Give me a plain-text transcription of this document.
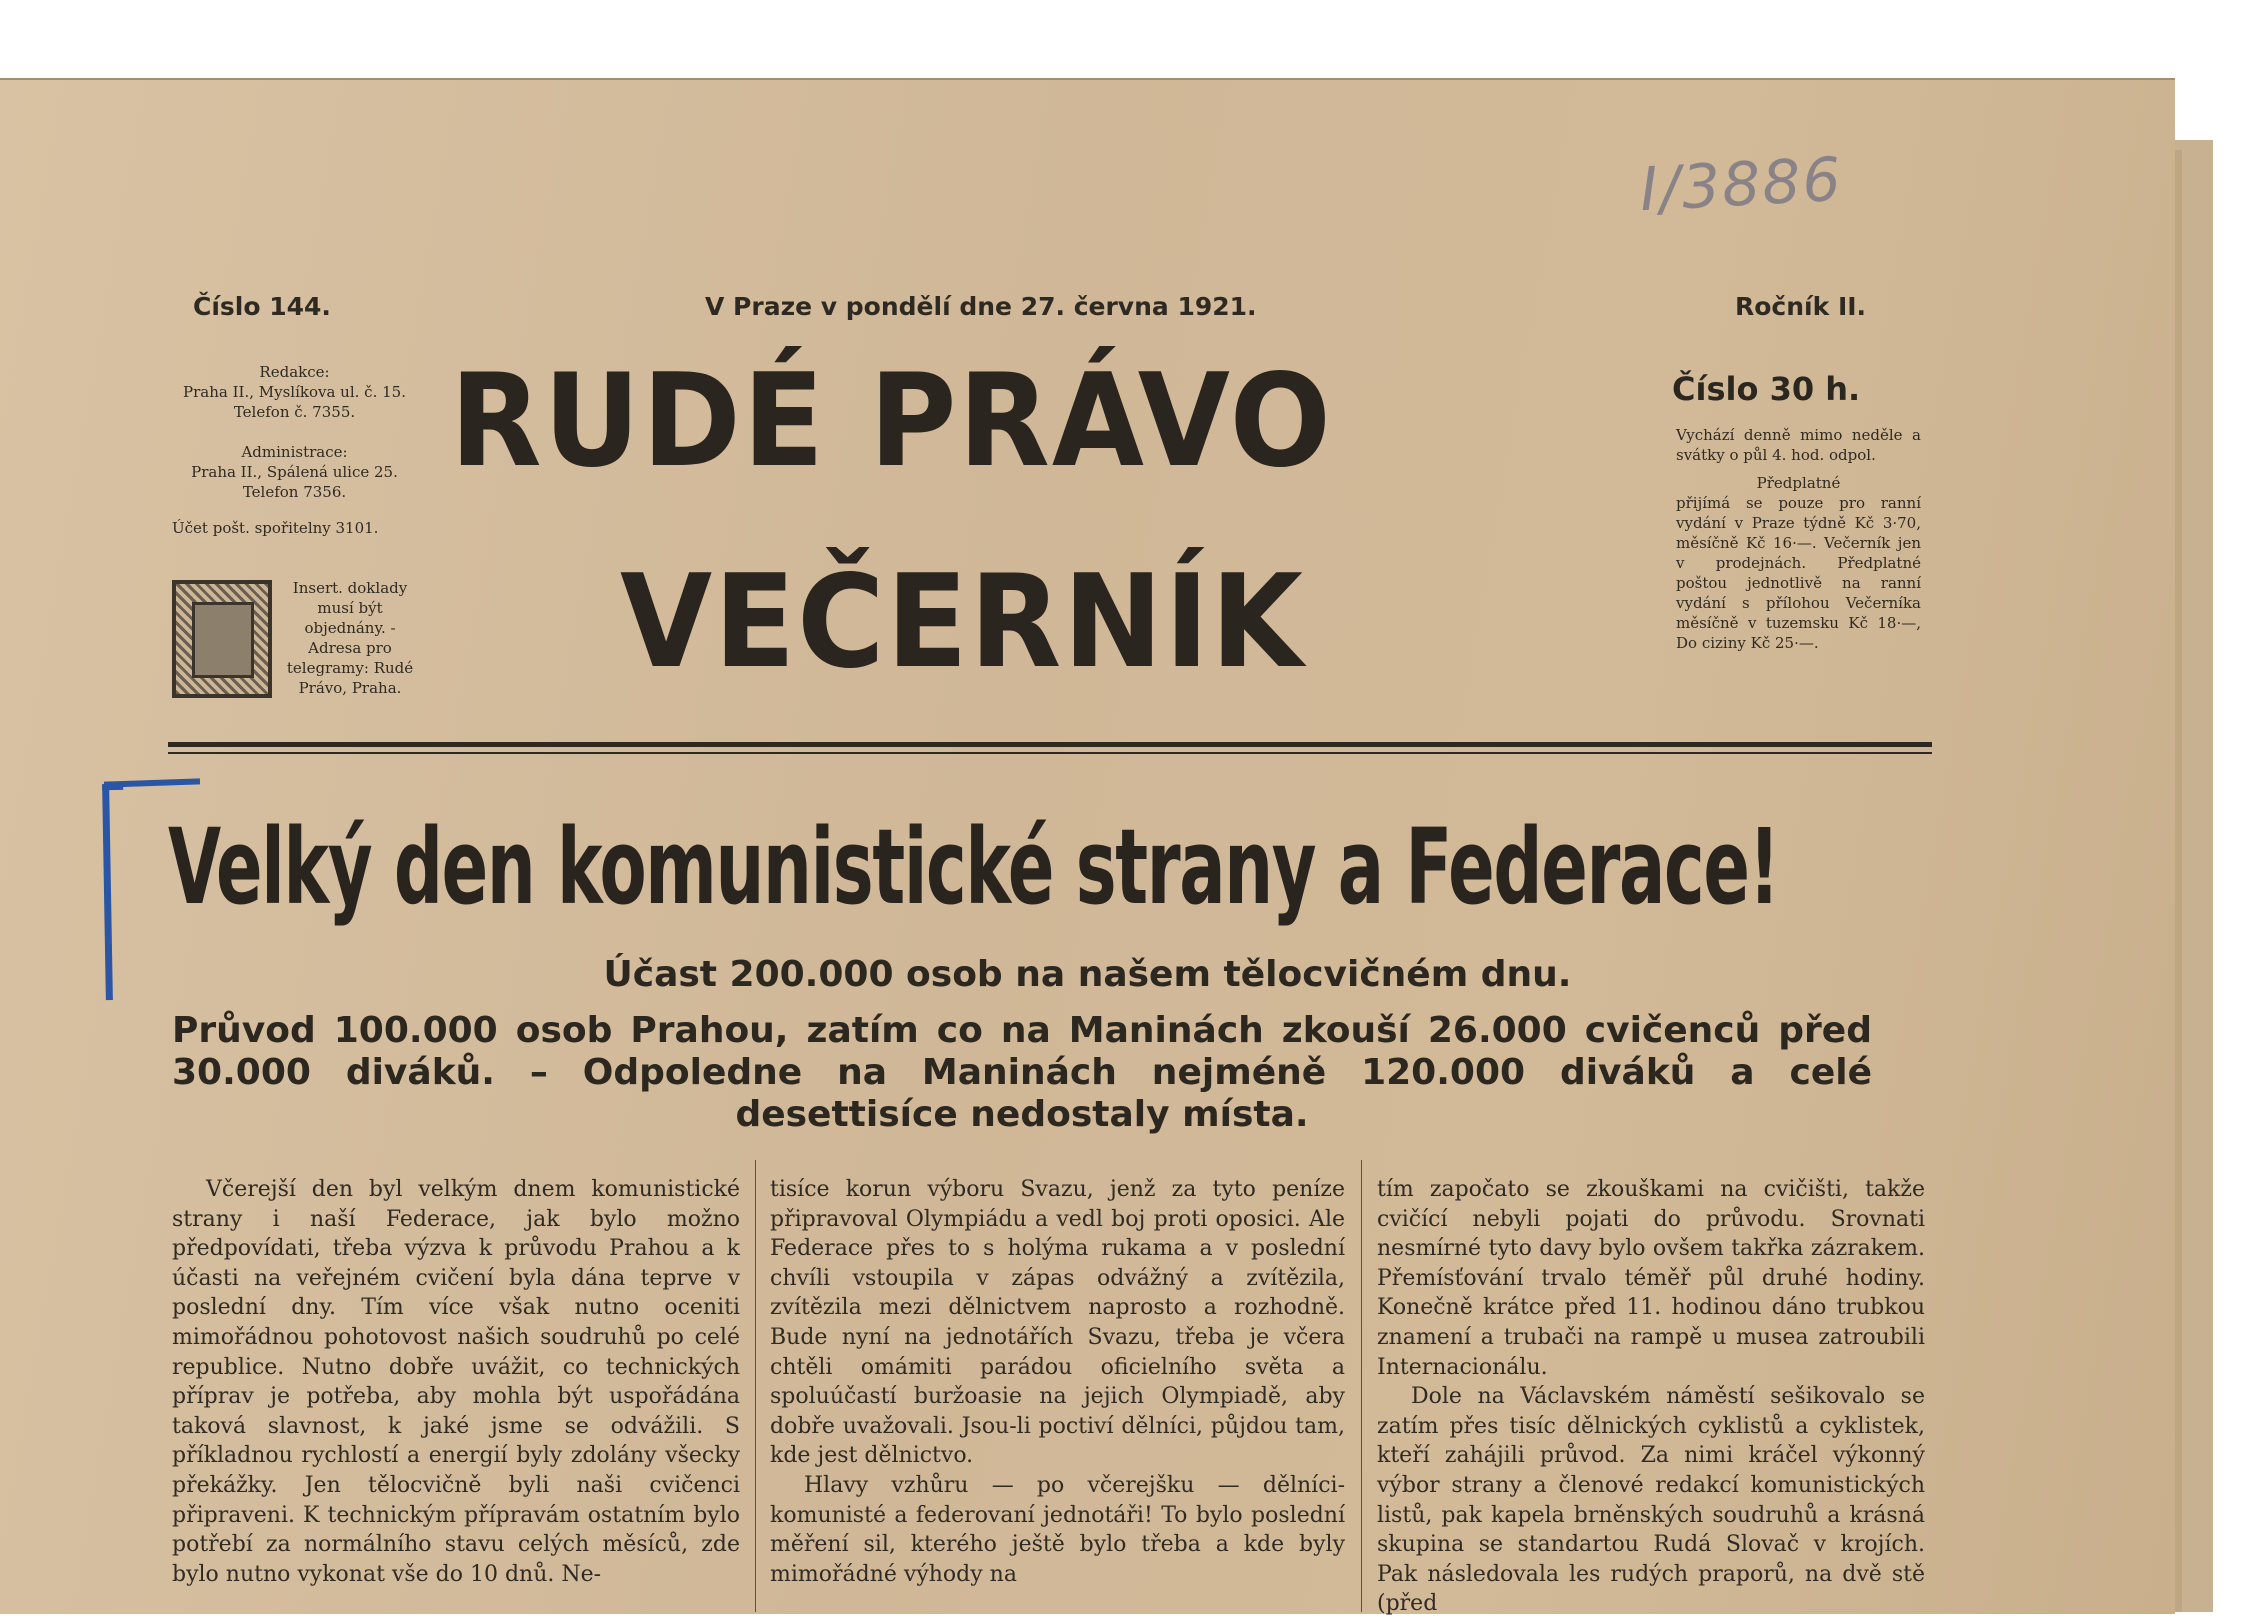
I/3886
Číslo 144.	V Praze v pondělí dne 27. června 1921.	Ročník II.
Redakce:
Praha II., Myslíkova ul. č. 15.
Telefon č. 7355.
Administrace:
Praha II., Spálená ulice 25.
Telefon 7356.
Účet pošt. spořitelny 3101.
Insert. doklady musí být objednány. - Adresa pro telegramy: Rudé Právo, Praha.
RUDÉ PRÁVO
VEČERNÍK
Číslo 30 h.
Vychází denně mimo neděle a svátky o půl 4. hod. odpol.
Předplatné
přijímá se pouze pro ranní vydání v Praze týdně Kč 3·70, měsíčně Kč 16·—. Večerník jen v prodejnách. Předplatné poštou jednotlivě na ranní vydání s přílohou Večerníka měsíčně v tuzemsku Kč 18·—, Do ciziny Kč 25·—.
Velký den komunistické strany a Federace!
Účast 200.000 osob na našem tělocvičném dnu.
Průvod 100.000 osob Prahou, zatím co na Maninách zkouší 26.000 cvičenců před 30.000 diváků. – Odpoledne na Maninách nejméně 120.000 diváků a celé desettisíce nedostaly místa.

Včerejší den byl velkým dnem komunistické strany i naší Federace, jak bylo možno předpovídati, třeba výzva k průvodu Prahou a k účasti na veřejném cvičení byla dána teprve v poslední dny. Tím více však nutno oceniti mimořádnou pohotovost našich soudruhů po celé republice. Nutno dobře uvážit, co technických příprav je potřeba, aby mohla být uspořádána taková slavnost, k jaké jsme se odvážili. S příkladnou rychlostí a energií byly zdolány všecky překážky. Jen tělocvičně byli naši cvičenci připraveni. K technickým přípravám ostatním bylo potřebí za normálního stavu celých měsíců, zde bylo nutno vykonat vše do 10 dnů. Ne-

tisíce korun výboru Svazu, jenž za tyto peníze připravoval Olympiádu a vedl boj proti oposici. Ale Federace přes to s holýma rukama a v poslední chvíli vstoupila v zápas odvážný a zvítězila, zvítězila mezi dělnictvem naprosto a rozhodně. Bude nyní na jednotářích Svazu, třeba je včera chtěli omámiti parádou oficielního světa a spoluúčastí buržoasie na jejich Olympiadě, aby dobře uvažovali. Jsou-li poctiví dělníci, půjdou tam, kde jest dělnictvo.

Hlavy vzhůru — po včerejšku — dělníci-komunisté a federovaní jednotáři! To bylo poslední měření sil, kterého ještě bylo třeba a kde byly mimořádné výhody na

tím započato se zkouškami na cvičišti, takže cvičící nebyli pojati do průvodu. Srovnati nesmírné tyto davy bylo ovšem takřka zázrakem. Přemísťování trvalo téměř půl druhé hodiny. Konečně krátce před 11. hodinou dáno trubkou znamení a trubači na rampě u musea zatroubili Internacionálu.

Dole na Václavském náměstí sešikovalo se zatím přes tisíc dělnických cyklistů a cyklistek, kteří zahájili průvod. Za nimi kráčel výkonný výbor strany a členové redakcí komunistických listů, pak kapela brněnských soudruhů a krásná skupina se standartou Rudá Slovač v krojích. Pak následovala les rudých praporů, na dvě stě (před
